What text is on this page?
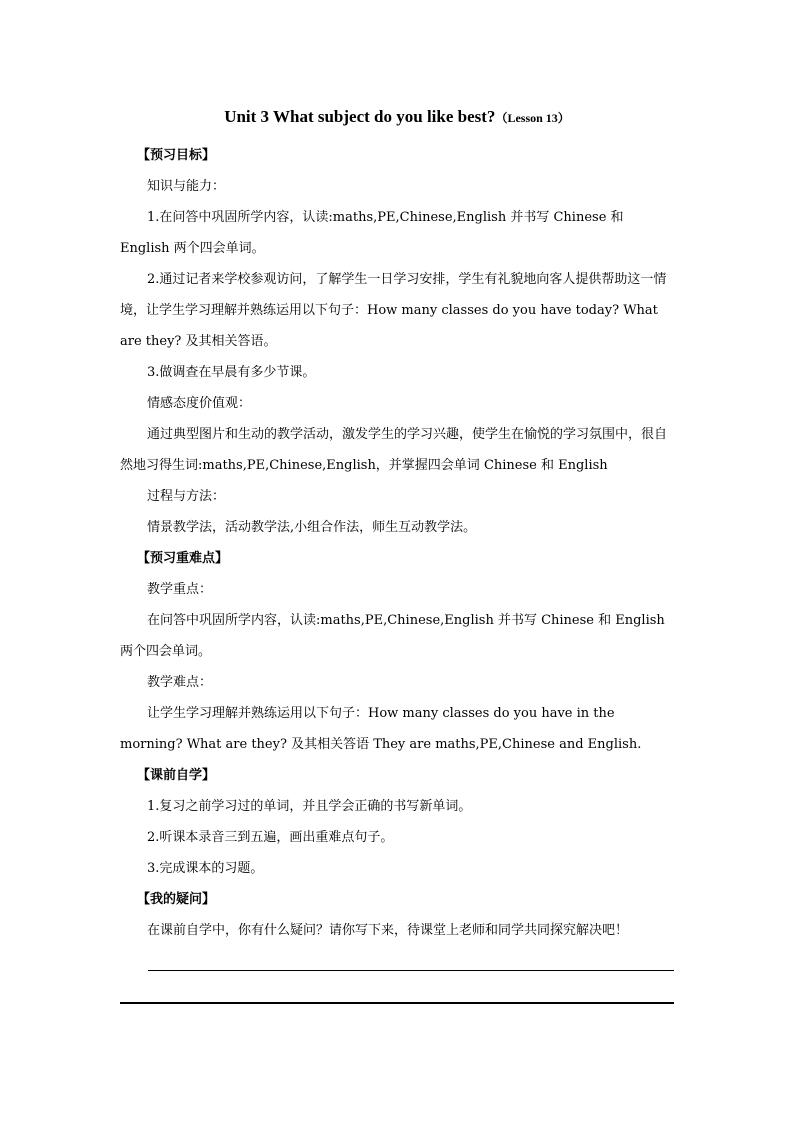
Unit 3 What subject do you like best?（Lesson 13）

【预习目标】

知识与能力：

1.在问答中巩固所学内容，认读:maths,PE,Chinese,English 并书写 Chinese 和 English 两个四会单词。

2.通过记者来学校参观访问，了解学生一日学习安排，学生有礼貌地向客人提供帮助这一情境，让学生学习理解并熟练运用以下句子：How many classes do you have today? What are they? 及其相关答语。

3.做调查在早晨有多少节课。

情感态度价值观：

通过典型图片和生动的教学活动，激发学生的学习兴趣，使学生在愉悦的学习氛围中，很自然地习得生词:maths,PE,Chinese,English，并掌握四会单词 Chinese 和 English

过程与方法：

情景教学法，活动教学法,小组合作法，师生互动教学法。

【预习重难点】

教学重点：

在问答中巩固所学内容，认读:maths,PE,Chinese,English 并书写 Chinese 和 English 两个四会单词。

教学难点：

让学生学习理解并熟练运用以下句子：How many classes do you have in the morning? What are they? 及其相关答语 They are maths,PE,Chinese and English.

【课前自学】

1.复习之前学习过的单词，并且学会正确的书写新单词。

2.听课本录音三到五遍，画出重难点句子。

3.完成课本的习题。

【我的疑问】

在课前自学中，你有什么疑问？请你写下来，待课堂上老师和同学共同探究解决吧！
